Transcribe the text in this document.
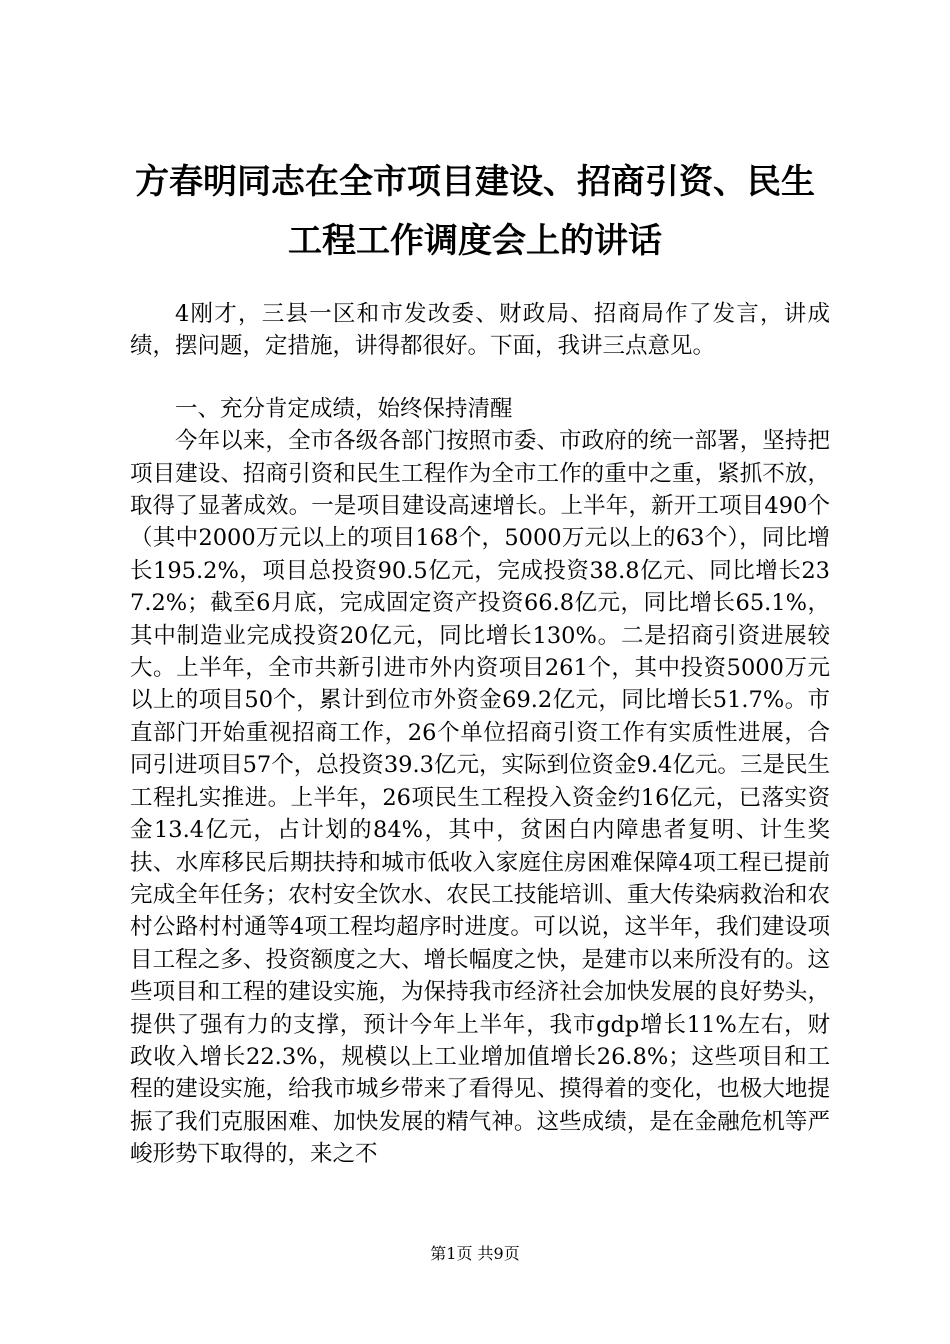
方春明同志在全市项目建设、招商引资、民生
工程工作调度会上的讲话

4刚才，三县一区和市发改委、财政局、招商局作了发言，讲成绩，摆问题，定措施，讲得都很好。下面，我讲三点意见。

一、充分肯定成绩，始终保持清醒

今年以来，全市各级各部门按照市委、市政府的统一部署，坚持把项目建设、招商引资和民生工程作为全市工作的重中之重，紧抓不放，取得了显著成效。一是项目建设高速增长。上半年，新开工项目490个（其中2000万元以上的项目168个，5000万元以上的63个），同比增长195.2%，项目总投资90.5亿元，完成投资38.8亿元、同比增长237.2%；截至6月底，完成固定资产投资66.8亿元，同比增长65.1%，其中制造业完成投资20亿元，同比增长130%。二是招商引资进展较大。上半年，全市共新引进市外内资项目261个，其中投资5000万元以上的项目50个，累计到位市外资金69.2亿元，同比增长51.7%。市直部门开始重视招商工作，26个单位招商引资工作有实质性进展，合同引进项目57个，总投资39.3亿元，实际到位资金9.4亿元。三是民生工程扎实推进。上半年，26项民生工程投入资金约16亿元，已落实资金13.4亿元，占计划的84%，其中，贫困白内障患者复明、计生奖扶、水库移民后期扶持和城市低收入家庭住房困难保障4项工程已提前完成全年任务；农村安全饮水、农民工技能培训、重大传染病救治和农村公路村村通等4项工程均超序时进度。可以说，这半年，我们建设项目工程之多、投资额度之大、增长幅度之快，是建市以来所没有的。这些项目和工程的建设实施，为保持我市经济社会加快发展的良好势头，提供了强有力的支撑，预计今年上半年，我市gdp增长11%左右，财政收入增长22.3%，规模以上工业增加值增长26.8%；这些项目和工程的建设实施，给我市城乡带来了看得见、摸得着的变化，也极大地提振了我们克服困难、加快发展的精气神。这些成绩，是在金融危机等严峻形势下取得的，来之不

第1页 共9页
